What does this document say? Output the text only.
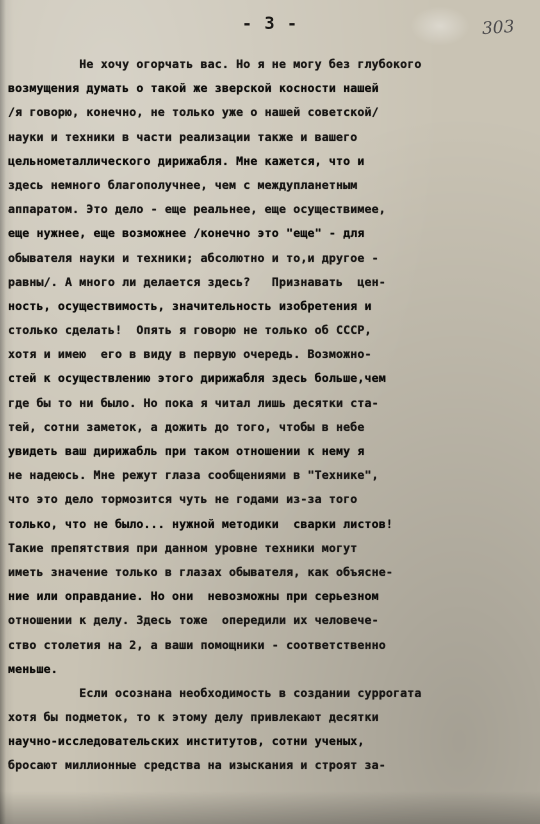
- 3 -	303
Не хочу огорчать вас. Но я не могу без глубокого
возмущения думать о такой же зверской косности нашей
/я говорю, конечно, не только уже о нашей советской/
науки и техники в части реализации также и вашего
цельнометаллического дирижабля. Мне кажется, что и
здесь немного благополучнее, чем с междупланетным
аппаратом. Это дело - еще реальнее, еще осуществимее,
еще нужнее, еще возможнее /конечно это "еще" - для
обывателя науки и техники; абсолютно и то,и другое -
равны/. А много ли делается здесь?   Признавать  цен-
ность, осуществимость, значительность изобретения и
столько сделать!  Опять я говорю не только об СССР,
хотя и имею  его в виду в первую очередь. Возможно-
стей к осуществлению этого дирижабля здесь больше,чем
где бы то ни было. Но пока я читал лишь десятки ста-
тей, сотни заметок, а дожить до того, чтобы в небе
увидеть ваш дирижабль при таком отношении к нему я
не надеюсь. Мне режут глаза сообщениями в "Технике",
что это дело тормозится чуть не годами из-за того
только, что не было... нужной методики  сварки листов!
Такие препятствия при данном уровне техники могут
иметь значение только в глазах обывателя, как объясне-
ние или оправдание. Но они  невозможны при серьезном
отношении к делу. Здесь тоже  опередили их человече-
ство столетия на 2, а ваши помощники - соответственно
меньше.
Если осознана необходимость в создании суррогата
хотя бы подметок, то к этому делу привлекают десятки
научно-исследовательских институтов, сотни ученых,
бросают миллионные средства на изыскания и строят за-
